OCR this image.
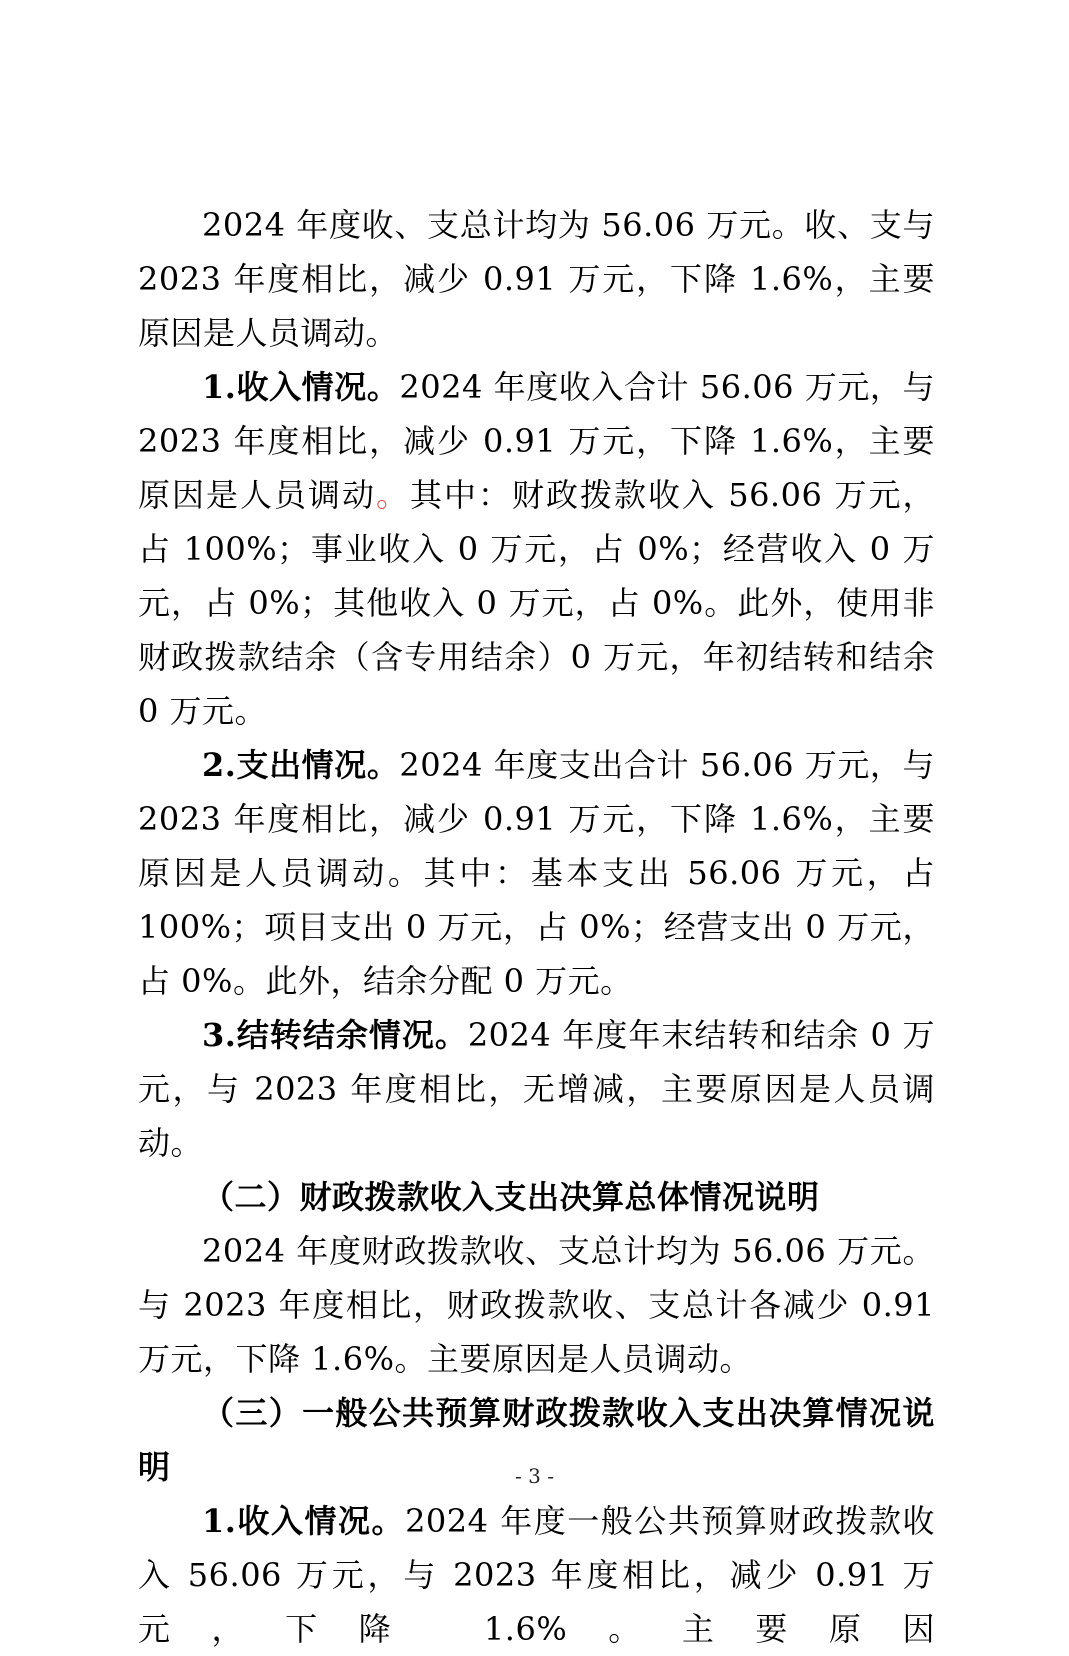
2024 年度收、支总计均为 56.06 万元。收、支与 2023 年度相比，减少 0.91 万元，下降 1.6%，主要原因是人员调动。

1.收入情况。2024 年度收入合计 56.06 万元，与 2023 年度相比，减少 0.91 万元，下降 1.6%，主要原因是人员调动。其中：财政拨款收入 56.06 万元，占 100%；事业收入 0 万元，占 0%；经营收入 0 万元，占 0%；其他收入 0 万元，占 0%。此外，使用非财政拨款结余（含专用结余）0 万元，年初结转和结余 0 万元。

2.支出情况。2024 年度支出合计 56.06 万元，与 2023 年度相比，减少 0.91 万元，下降 1.6%，主要原因是人员调动。其中：基本支出 56.06 万元，占 100%；项目支出 0 万元，占 0%；经营支出 0 万元，占 0%。此外，结余分配 0 万元。

3.结转结余情况。2024 年度年末结转和结余 0 万元，与 2023 年度相比，无增减，主要原因是人员调动。

（二）财政拨款收入支出决算总体情况说明

2024 年度财政拨款收、支总计均为 56.06 万元。与 2023 年度相比，财政拨款收、支总计各减少 0.91 万元，下降 1.6%。主要原因是人员调动。

（三）一般公共预算财政拨款收入支出决算情况说明

1.收入情况。2024 年度一般公共预算财政拨款收入 56.06 万元，与 2023 年度相比，减少 0.91 万元，下降 1.6%。主要原因

- 3 -
